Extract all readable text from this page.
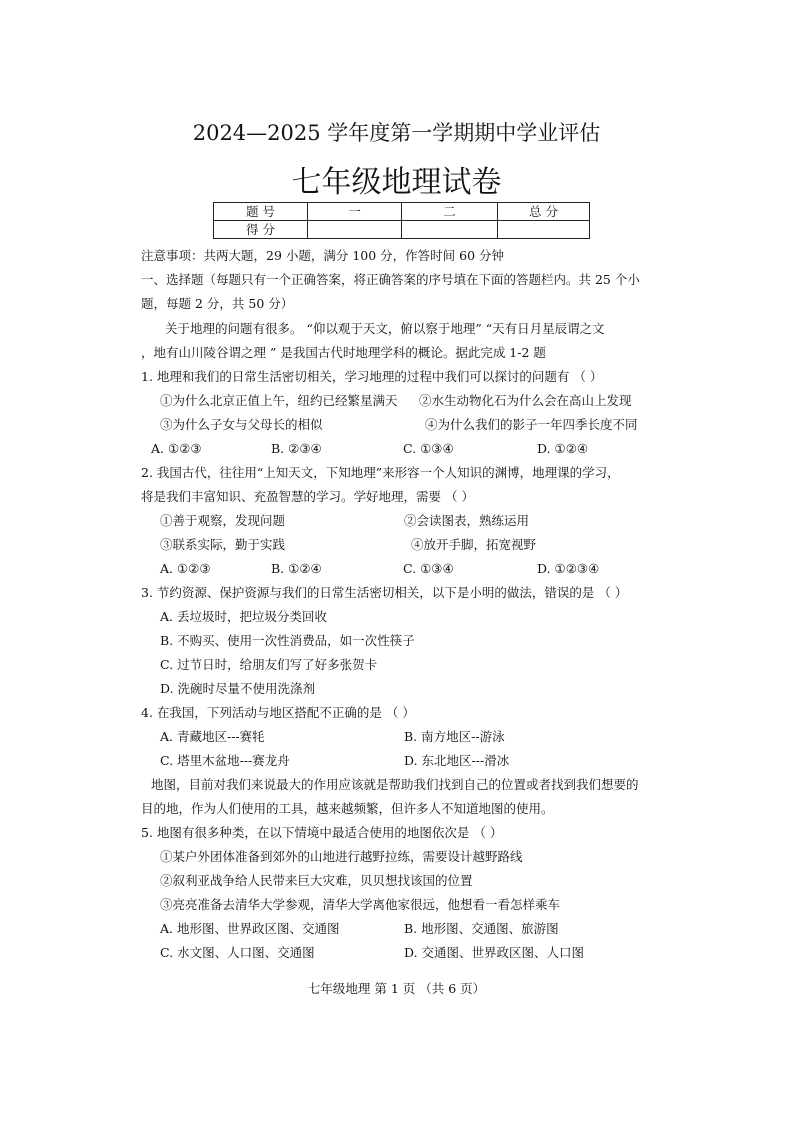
2024—2025 学年度第一学期期中学业评估
七年级地理试卷
题 号	一	二	总 分
得 分			
注意事项：共两大题，29 小题，满分 100 分，作答时间 60 分钟
一、选择题（每题只有一个正确答案，将正确答案的序号填在下面的答题栏内。共 25 个小
题，每题 2 分，共 50 分）
关于地理的问题有很多。 “仰以观于天文，俯以察于地理” “天有日月星辰谓之文
，地有山川陵谷谓之理 ” 是我国古代时地理学科的概论。据此完成 1-2 题
1. 地理和我们的日常生活密切相关，学习地理的过程中我们可以探讨的问题有 （ ）
①为什么北京正值上午，纽约已经繁星满天 ②水生动物化石为什么会在高山上发现
③为什么子女与父母长的相似	④为什么我们的影子一年四季长度不同
A. ①②③	B. ②③④	C. ①③④	D. ①②④
2. 我国古代，往往用“上知天文，下知地理”来形容一个人知识的渊博，地理课的学习，
将是我们丰富知识、充盈智慧的学习。学好地理，需要 （ ）
①善于观察，发现问题	②会读图表，熟练运用
③联系实际，勤于实践	④放开手脚，拓宽视野
A. ①②③	B. ①②④	C. ①③④	D. ①②③④
3. 节约资源、保护资源与我们的日常生活密切相关，以下是小明的做法，错误的是 （ ）
A. 丢垃圾时，把垃圾分类回收
B. 不购买、使用一次性消费品，如一次性筷子
C. 过节日时，给朋友们写了好多张贺卡
D. 洗碗时尽量不使用洗涤剂
4. 在我国，下列活动与地区搭配不正确的是 （ ）
A. 青藏地区---赛牦	B. 南方地区--游泳
C. 塔里木盆地---赛龙舟	D. 东北地区---滑冰
地图，目前对我们来说最大的作用应该就是帮助我们找到自己的位置或者找到我们想要的
目的地，作为人们使用的工具，越来越频繁，但许多人不知道地图的使用。
5. 地图有很多种类，在以下情境中最适合使用的地图依次是 （ ）
①某户外团体准备到郊外的山地进行越野拉练，需要设计越野路线
②叙利亚战争给人民带来巨大灾难，贝贝想找该国的位置
③亮亮准备去清华大学参观，清华大学离他家很远，他想看一看怎样乘车
A. 地形图、世界政区图、交通图	B. 地形图、交通图、旅游图
C. 水文图、人口图、交通图	D. 交通图、世界政区图、人口图
七年级地理 第 1 页 （共 6 页）
